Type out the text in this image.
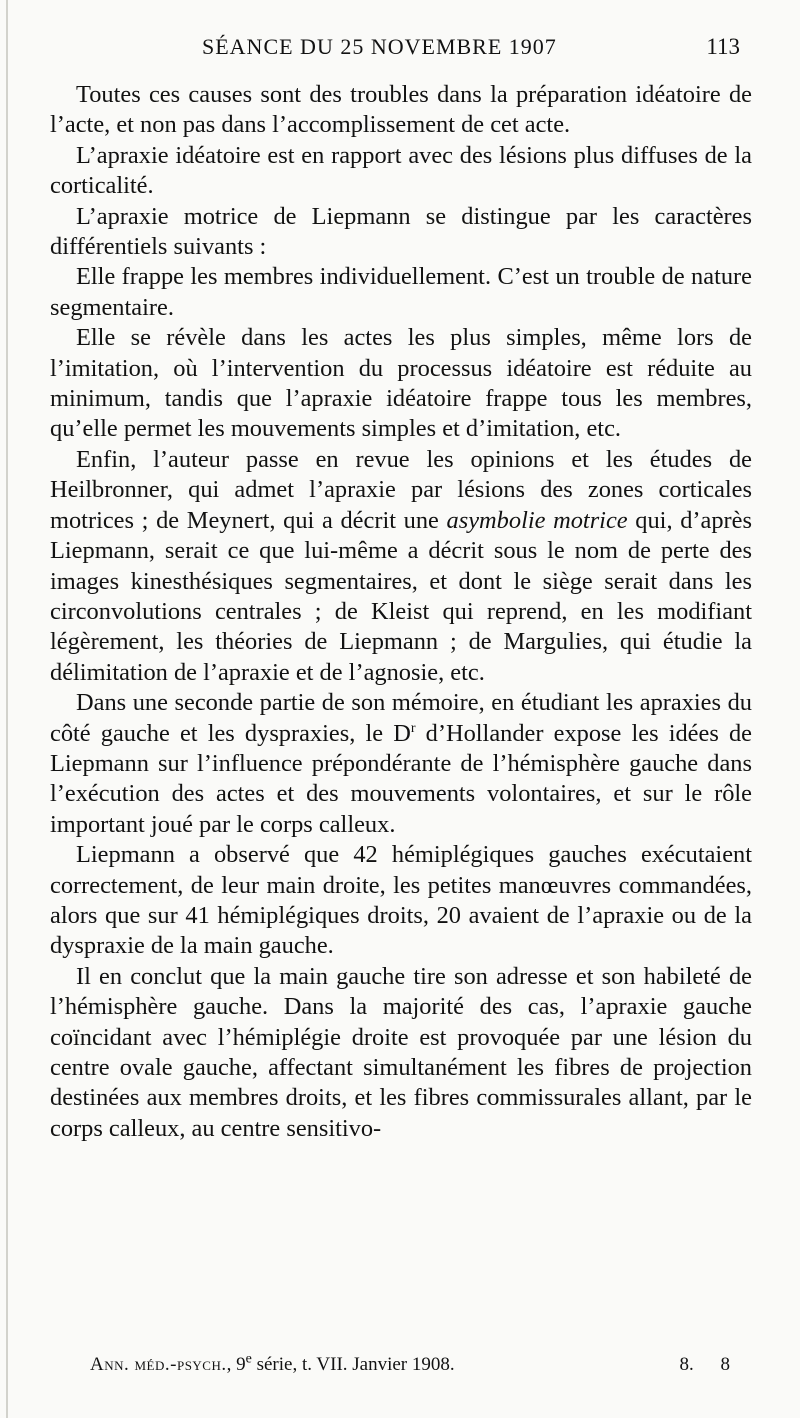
SÉANCE DU 25 NOVEMBRE 1907	113

Toutes ces causes sont des troubles dans la préparation idéatoire de l’acte, et non pas dans l’accomplissement de cet acte.

L’apraxie idéatoire est en rapport avec des lésions plus diffuses de la corticalité.

L’apraxie motrice de Liepmann se distingue par les caractères différentiels suivants :

Elle frappe les membres individuellement. C’est un trouble de nature segmentaire.

Elle se révèle dans les actes les plus simples, même lors de l’imitation, où l’intervention du processus idéatoire est réduite au minimum, tandis que l’apraxie idéatoire frappe tous les membres, qu’elle permet les mouvements simples et d’imitation, etc.

Enfin, l’auteur passe en revue les opinions et les études de Heilbronner, qui admet l’apraxie par lésions des zones corticales motrices ; de Meynert, qui a décrit une asymbolie motrice qui, d’après Liepmann, serait ce que lui-même a décrit sous le nom de perte des images kinesthésiques segmentaires, et dont le siège serait dans les circonvolutions centrales ; de Kleist qui reprend, en les modifiant légèrement, les théories de Liepmann ; de Margulies, qui étudie la délimitation de l’apraxie et de l’agnosie, etc.

Dans une seconde partie de son mémoire, en étudiant les apraxies du côté gauche et les dyspraxies, le $D^r$ d’Hollander expose les idées de Liepmann sur l’influence prépondérante de l’hémisphère gauche dans l’exécution des actes et des mouvements volontaires, et sur le rôle important joué par le corps calleux.

Liepmann a observé que 42 hémiplégiques gauches exécutaient correctement, de leur main droite, les petites manœuvres commandées, alors que sur 41 hémiplégiques droits, 20 avaient de l’apraxie ou de la dyspraxie de la main gauche.

Il en conclut que la main gauche tire son adresse et son habileté de l’hémisphère gauche. Dans la majorité des cas, l’apraxie gauche coïncidant avec l’hémiplégie droite est provoquée par une lésion du centre ovale gauche, affectant simultanément les fibres de projection destinées aux membres droits, et les fibres commissurales allant, par le corps calleux, au centre sensitivo-

Ann. méd.-psych., 9e série, t. VII. Janvier 1908.	8. 8
